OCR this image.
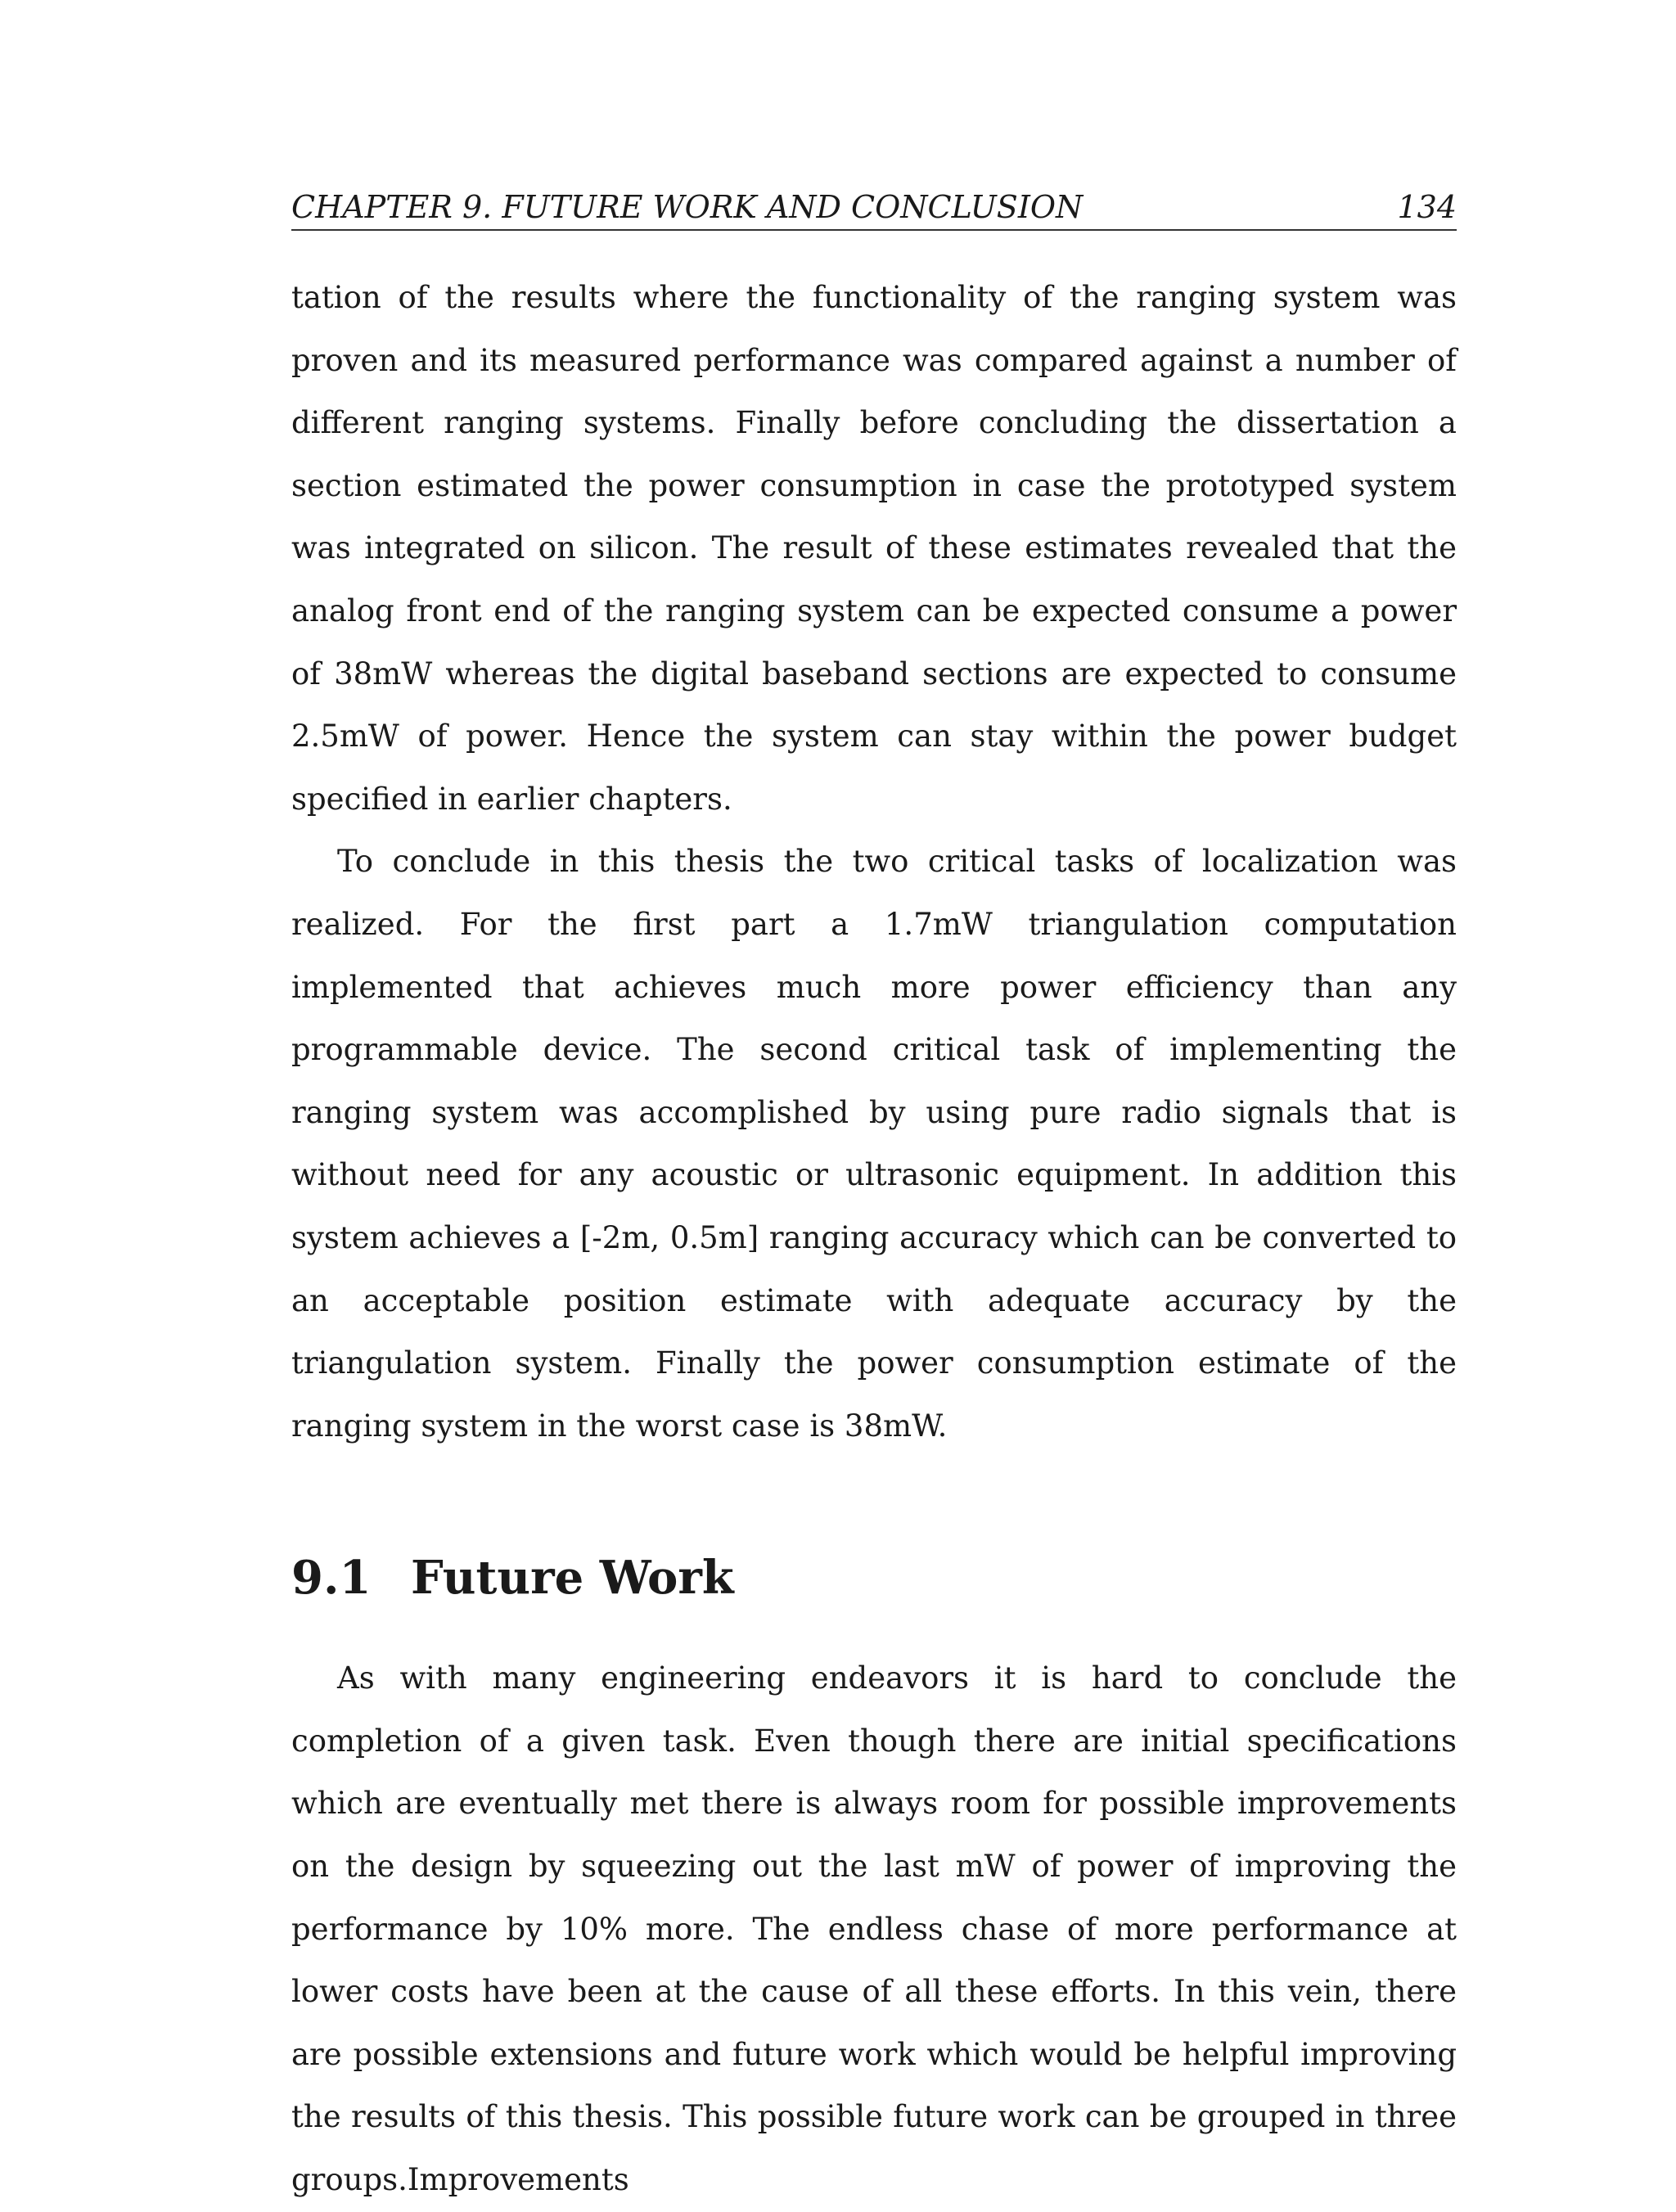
CHAPTER 9. FUTURE WORK AND CONCLUSION	134

tation of the results where the functionality of the ranging system was proven and its measured performance was compared against a number of different ranging systems. Finally before concluding the dissertation a section estimated the power consumption in case the prototyped system was integrated on silicon. The result of these estimates revealed that the analog front end of the ranging system can be expected consume a power of 38mW whereas the digital baseband sections are expected to consume 2.5mW of power. Hence the system can stay within the power budget specified in earlier chapters.

To conclude in this thesis the two critical tasks of localization was realized. For the first part a 1.7mW triangulation computation implemented that achieves much more power efficiency than any programmable device. The second critical task of implementing the ranging system was accomplished by using pure radio signals that is without need for any acoustic or ultrasonic equipment. In addition this system achieves a [-2m, 0.5m] ranging accuracy which can be converted to an acceptable position estimate with adequate accuracy by the triangulation system. Finally the power consumption estimate of the ranging system in the worst case is 38mW.

9.1 Future Work

As with many engineering endeavors it is hard to conclude the completion of a given task. Even though there are initial specifications which are eventually met there is always room for possible improvements on the design by squeezing out the last mW of power of improving the performance by 10% more. The endless chase of more performance at lower costs have been at the cause of all these efforts. In this vein, there are possible extensions and future work which would be helpful improving the results of this thesis. This possible future work can be grouped in three groups.Improvements
